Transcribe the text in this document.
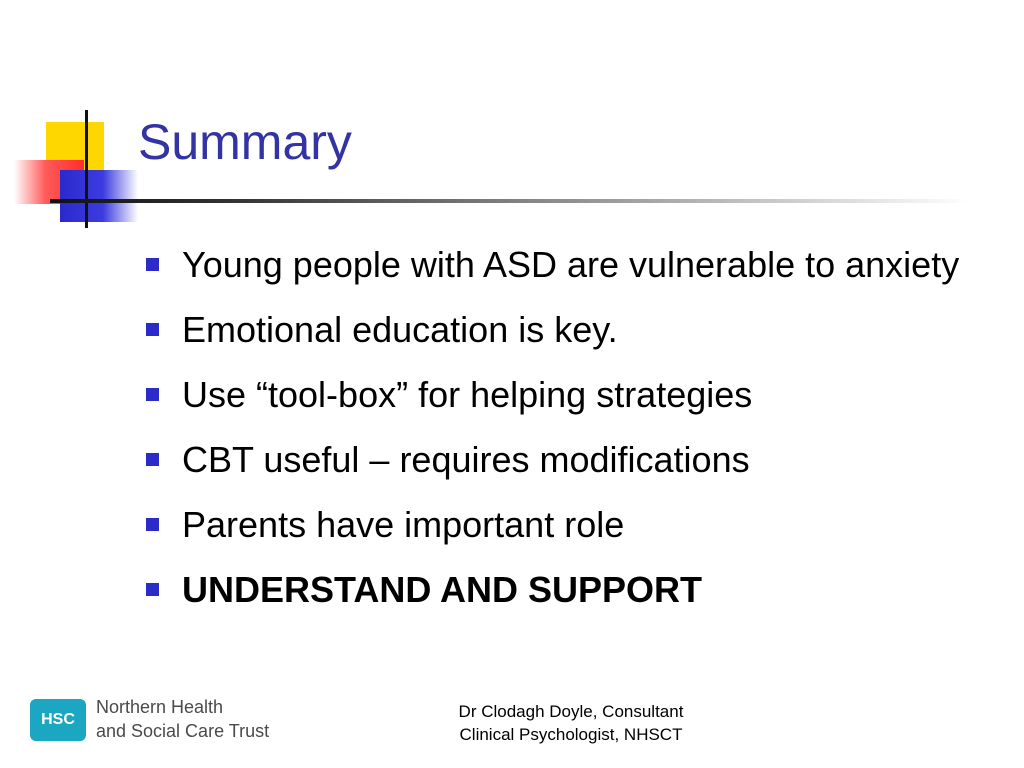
Summary
Young people with ASD are vulnerable to anxiety
Emotional education is key.
Use “tool-box” for helping strategies
CBT useful – requires modifications
Parents have important role
UNDERSTAND AND SUPPORT
HSC
Northern Health
and Social Care Trust
Dr Clodagh Doyle, Consultant
Clinical Psychologist, NHSCT
